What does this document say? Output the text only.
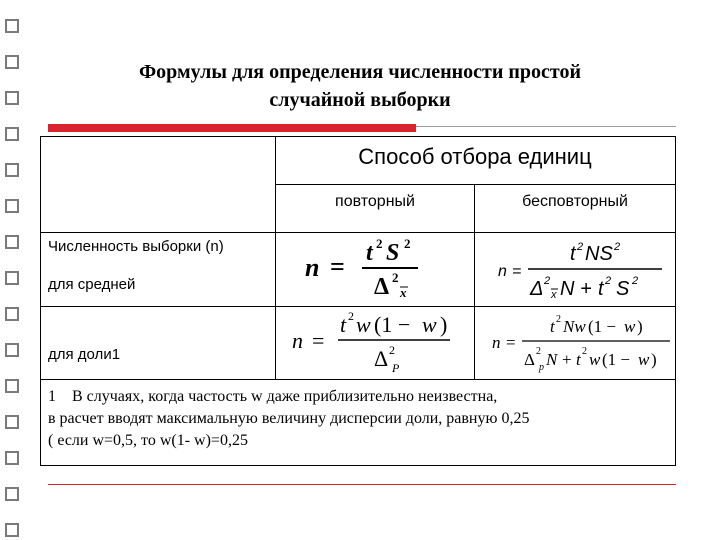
Формулы для определения численности простой
случайной выборки
Способ отбора единиц
повторный	бесповторный
Численность выборки (n)
для средней
для доли1
n = t 2 S 2
Δ 2
x
n =
t 2 NS 2
Δ 2
x N + t 2 S 2
n =
t 2 w (1 − w )
Δ 2
P
n =
t 2 Nw (1 − w )
Δ 2
p N + t 2 w (1 − w )
1 В случаях, когда частость w даже приблизительно неизвестна,
в расчет вводят максимальную величину дисперсии доли, равную 0,25
( если w=0,5, то w(1- w)=0,25
